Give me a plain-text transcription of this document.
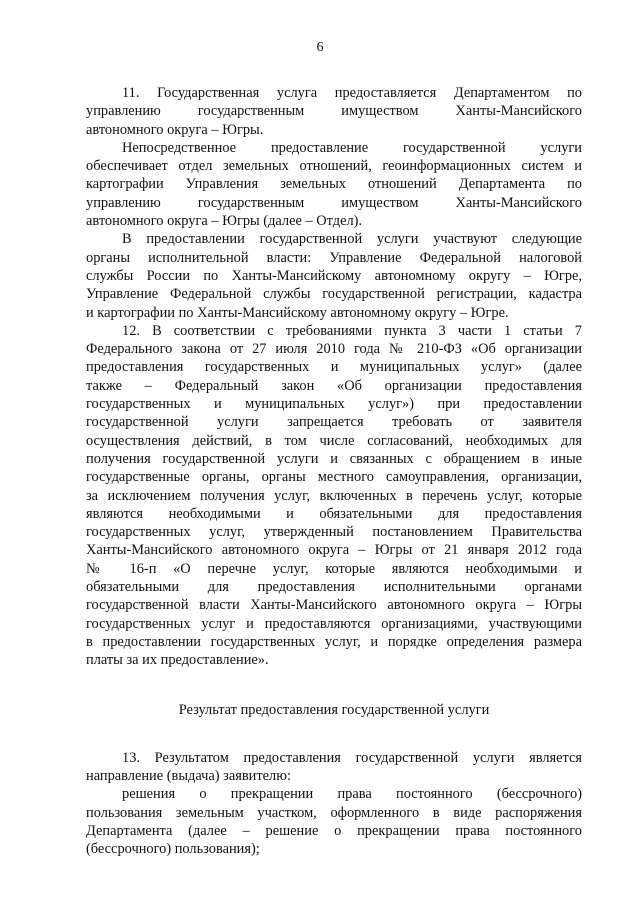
6

11. Государственная услуга предоставляется Департаментом по
управлению государственным имуществом Ханты-Мансийского
автономного округа – Югры.

Непосредственное предоставление государственной услуги
обеспечивает отдел земельных отношений, геоинформационных систем и
картографии Управления земельных отношений Департамента по
управлению государственным имуществом Ханты-Мансийского
автономного округа – Югры (далее – Отдел).

В предоставлении государственной услуги участвуют следующие
органы исполнительной власти: Управление Федеральной налоговой
службы России по Ханты-Мансийскому автономному округу – Югре,
Управление Федеральной службы государственной регистрации, кадастра
и картографии по Ханты-Мансийскому автономному округу – Югре.

12. В соответствии с требованиями пункта 3 части 1 статьи 7
Федерального закона от 27 июля 2010 года № 210-ФЗ «Об организации
предоставления государственных и муниципальных услуг» (далее
также – Федеральный закон «Об организации предоставления
государственных и муниципальных услуг») при предоставлении
государственной услуги запрещается требовать от заявителя
осуществления действий, в том числе согласований, необходимых для
получения государственной услуги и связанных с обращением в иные
государственные органы, органы местного самоуправления, организации,
за исключением получения услуг, включенных в перечень услуг, которые
являются необходимыми и обязательными для предоставления
государственных услуг, утвержденный постановлением Правительства
Ханты-Мансийского автономного округа – Югры от 21 января 2012 года
№ 16-п «О перечне услуг, которые являются необходимыми и
обязательными для предоставления исполнительными органами
государственной власти Ханты-Мансийского автономного округа – Югры
государственных услуг и предоставляются организациями, участвующими
в предоставлении государственных услуг, и порядке определения размера
платы за их предоставление».

Результат предоставления государственной услуги

13. Результатом предоставления государственной услуги является
направление (выдача) заявителю:

решения о прекращении права постоянного (бессрочного)
пользования земельным участком, оформленного в виде распоряжения
Департамента (далее – решение о прекращении права постоянного
(бессрочного) пользования);
